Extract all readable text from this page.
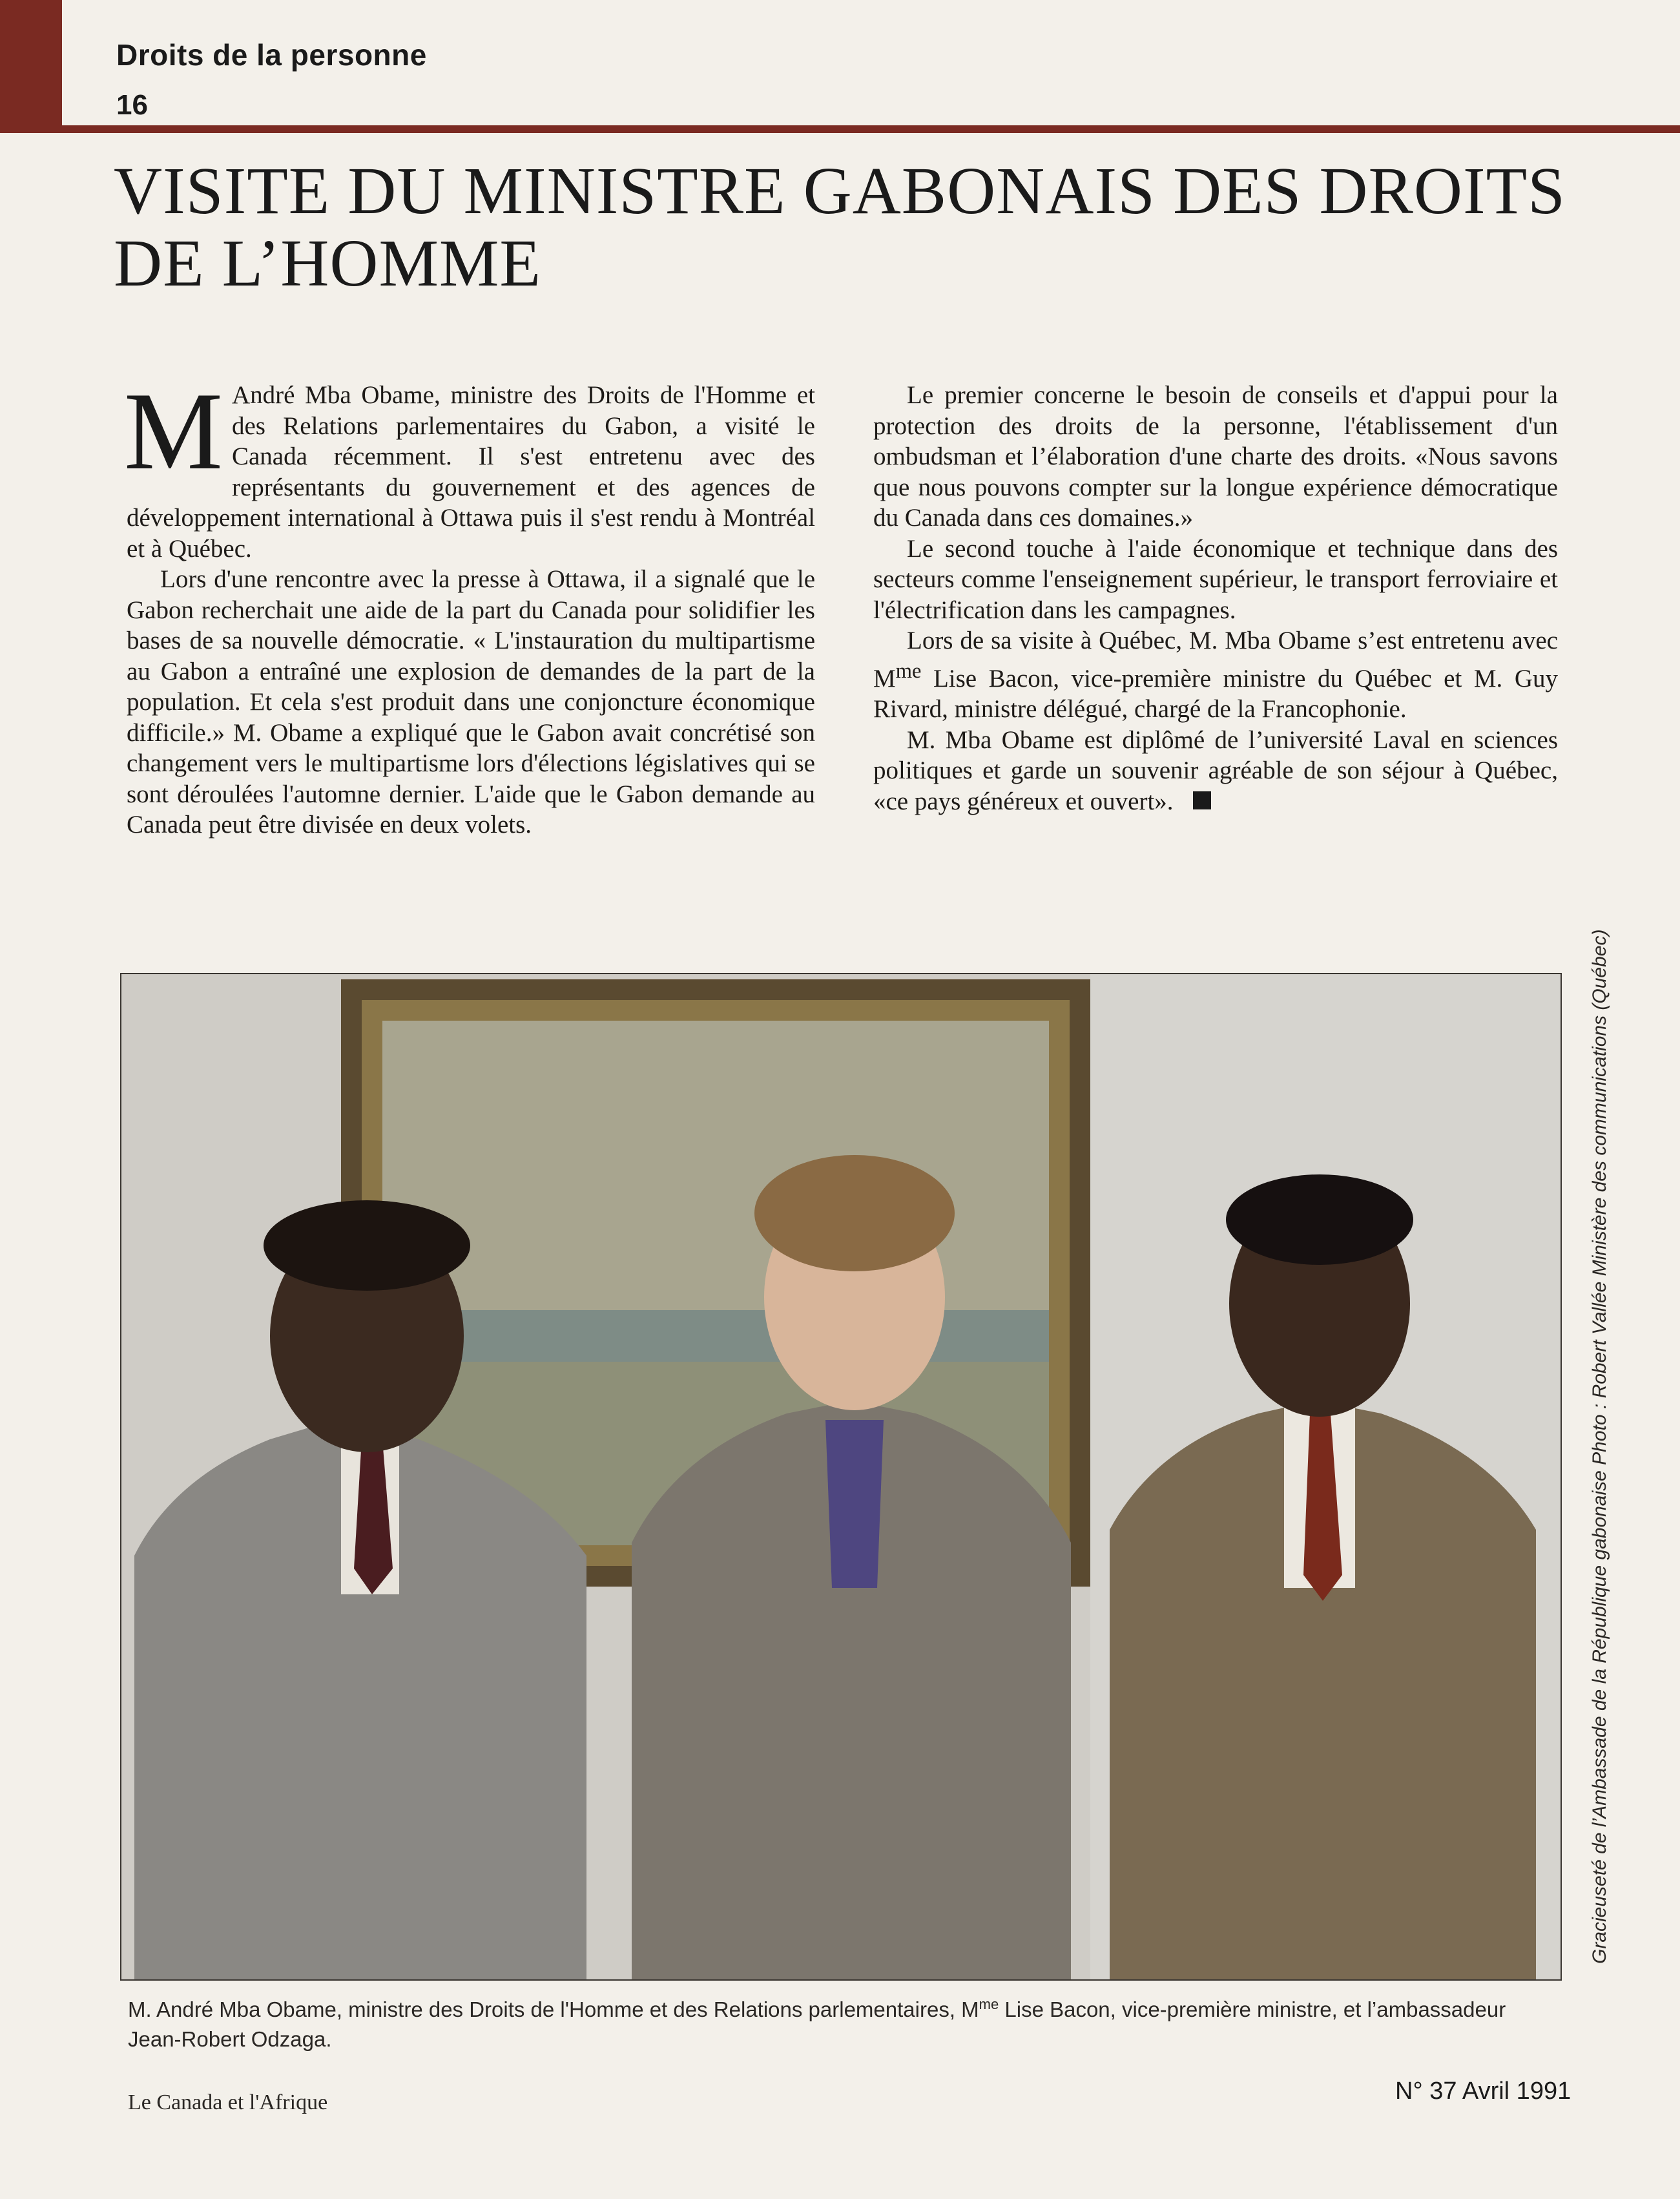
Droits de la personne
16
VISITE DU MINISTRE GABONAIS DES DROITS
DE L’HOMME

M André Mba Obame, ministre des Droits de l'Homme et des Relations parlementaires du Gabon, a visité le Canada récemment. Il s'est entretenu avec des représentants du gouvernement et des agences de développement international à Ottawa puis il s'est rendu à Montréal et à Québec.

Lors d'une rencontre avec la presse à Ottawa, il a signalé que le Gabon recherchait une aide de la part du Canada pour solidifier les bases de sa nouvelle démocratie. « L'instauration du multipartisme au Gabon a entraîné une explosion de demandes de la part de la population. Et cela s'est produit dans une conjoncture économique difficile.» M. Obame a expliqué que le Gabon avait concrétisé son changement vers le multipartisme lors d'élections législatives qui se sont déroulées l'automne dernier. L'aide que le Gabon demande au Canada peut être divisée en deux volets.

Le premier concerne le besoin de conseils et d'appui pour la protection des droits de la personne, l'établissement d'un ombudsman et l’élaboration d'une charte des droits. «Nous savons que nous pouvons compter sur la longue expérience démocratique du Canada dans ces domaines.»

Le second touche à l'aide économique et technique dans des secteurs comme l'enseignement supérieur, le transport ferroviaire et l'électrification dans les campagnes.

Lors de sa visite à Québec, M. Mba Obame s’est entretenu avec $M^{me}$ Lise Bacon, vice-première ministre du Québec et M. Guy Rivard, ministre délégué, chargé de la Francophonie.

M. Mba Obame est diplômé de l’université Laval en sciences politiques et garde un souvenir agréable de son séjour à Québec, «ce pays généreux et ouvert».

Gracieuseté de l’Ambassade de la République gabonaise Photo : Robert Vallée Ministère des communications (Québec)
M. André Mba Obame, ministre des Droits de l'Homme et des Relations parlementaires, $M^{me}$ Lise Bacon, vice-première ministre, et l’ambassadeur Jean-Robert Odzaga.
Le Canada et l'Afrique	N° 37 Avril 1991
